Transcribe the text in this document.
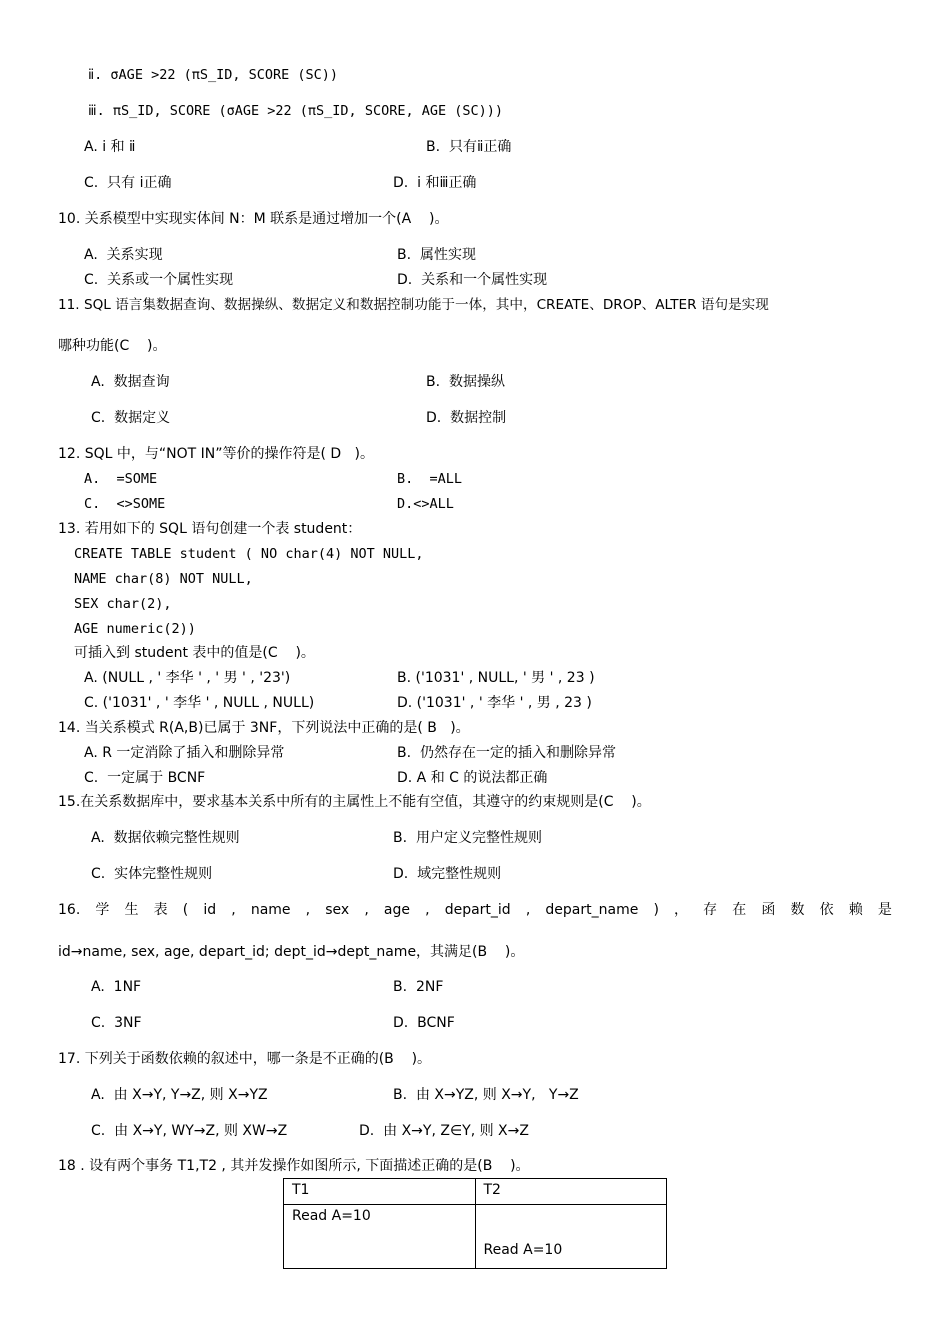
ⅱ. σAGE >22 (πS_ID, SCORE (SC))
ⅲ. πS_ID, SCORE (σAGE >22 (πS_ID, SCORE, AGE (SC)))
A. ⅰ 和 ⅱ	B.  只有ⅱ正确
C.  只有 ⅰ正确	D.  ⅰ 和ⅲ正确
10. 关系模型中实现实体间 N：M 联系是通过增加一个(A    )。
A.  关系实现	B.  属性实现
C.  关系或一个属性实现	D.  关系和一个属性实现
11. SQL 语言集数据查询、数据操纵、数据定义和数据控制功能于一体，其中，CREATE、DROP、ALTER 语句是实现
哪种功能(C    )。
A.  数据查询	B.  数据操纵
C.  数据定义	D.  数据控制
12. SQL 中，与“NOT IN”等价的操作符是( D   )。
A.  =SOME	B.  =ALL
C.  <>SOME	D.<>ALL
13. 若用如下的 SQL 语句创建一个表 student：
CREATE TABLE student ( NO char(4) NOT NULL,
NAME char(8) NOT NULL,
SEX char(2),
AGE numeric(2))
可插入到 student 表中的值是(C    )。
A. (NULL , ' 李华 ' , ' 男 ' , '23')	B. ('1031' , NULL, ' 男 ' , 23 )
C. ('1031' , ' 李华 ' , NULL , NULL)	D. ('1031' , ' 李华 ' , 男 , 23 )
14. 当关系模式 R(A,B)已属于 3NF，下列说法中正确的是( B   )。
A. R 一定消除了插入和删除异常	B.  仍然存在一定的插入和删除异常
C.  一定属于 BCNF	D. A 和 C 的说法都正确
15.在关系数据库中，要求基本关系中所有的主属性上不能有空值，其遵守的约束规则是(C    )。
A.  数据依赖完整性规则	B.  用户定义完整性规则
C.  实体完整性规则	D.  域完整性规则
16. 学 生 表 ( id , name , sex , age , depart_id , depart_name ) ， 存 在 函 数 依 赖 是
id→name, sex, age, depart_id; dept_id→dept_name，其满足(B    )。
A.  1NF	B.  2NF
C.  3NF	D.  BCNF
17. 下列关于函数依赖的叙述中，哪一条是不正确的(B    )。
A.  由 X→Y, Y→Z, 则 X→YZ	B.  由 X→YZ, 则 X→Y,   Y→Z
C.  由 X→Y, WY→Z, 则 XW→Z	D.  由 X→Y, Z∈Y, 则 X→Z
18 . 设有两个事务 T1,T2 , 其并发操作如图所示, 下面描述正确的是(B    )。
T1	T2
Read A=10	Read A=10
